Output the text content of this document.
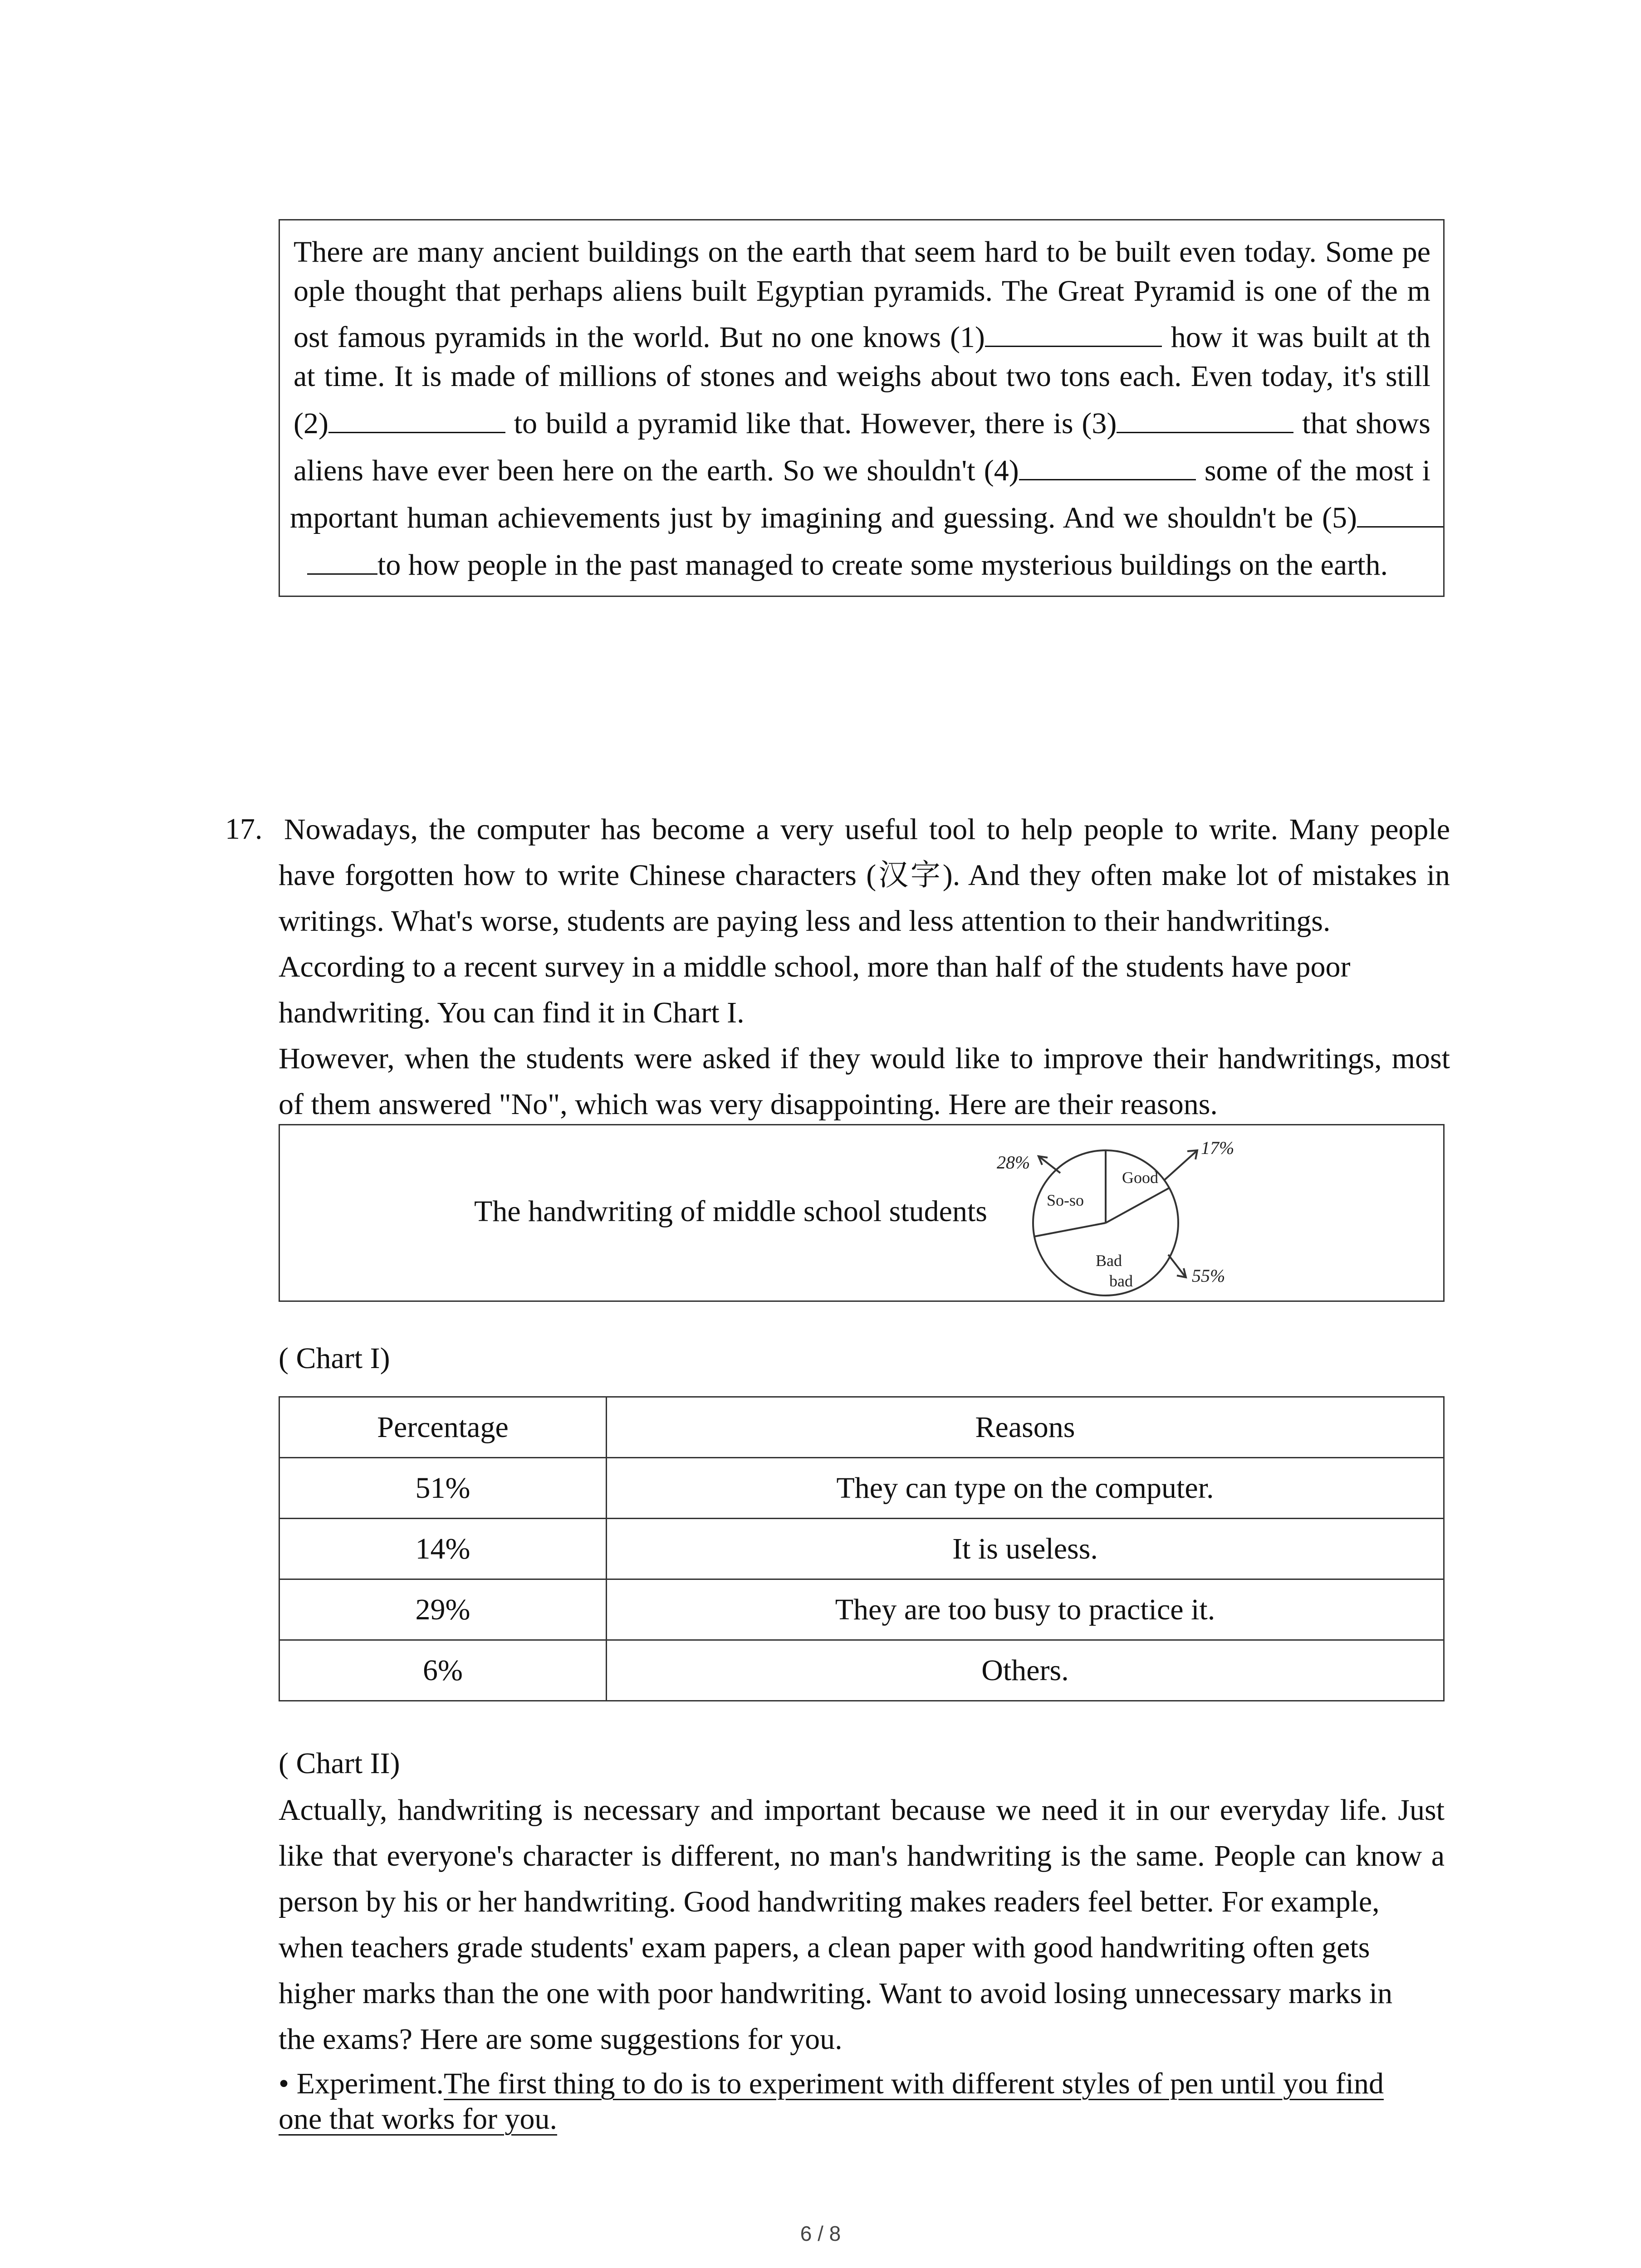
There are many ancient buildings on the earth that seem hard to be built even today. Some pe
ople thought that perhaps aliens built Egyptian pyramids. The Great Pyramid is one of the m
ost famous pyramids in the world. But no one knows (1)	how it was built at th
at time. It is made of millions of stones and weighs about two tons each. Even today, it's still
(2)	to build a pyramid like that. However, there is (3)	that shows
aliens have ever been here on the earth. So we shouldn't (4)	some of the most i
mportant human achievements just by imagining and guessing. And we shouldn't be (5)
to how people in the past managed to create some mysterious buildings on the earth.
17. Nowadays, the computer has become a very useful tool to help people to write. Many people
have forgotten how to write Chinese characters (汉字). And they often make lot of mistakes in
writings. What's worse, students are paying less and less attention to their handwritings.
According to a recent survey in a middle school, more than half of the students have poor
handwriting. You can find it in Chart I.
However, when the students were asked if they would like to improve their handwritings, most
of them answered "No", which was very disappointing. Here are their reasons.
The handwriting of middle school students
28%
17%
55%
So-so
Good
Bad
bad
( Chart I)
Percentage	Reasons
51%	They can type on the computer.
14%	It is useless.
29%	They are too busy to practice it.
6%	Others.
( Chart II)
Actually, handwriting is necessary and important because we need it in our everyday life. Just
like that everyone's character is different, no man's handwriting is the same. People can know a
person by his or her handwriting. Good handwriting makes readers feel better. For example,
when teachers grade students' exam papers, a clean paper with good handwriting often gets
higher marks than the one with poor handwriting. Want to avoid losing unnecessary marks in
the exams? Here are some suggestions for you.
• Experiment.The first thing to do is to experiment with different styles of pen until you find
one that works for you.
6 / 8
